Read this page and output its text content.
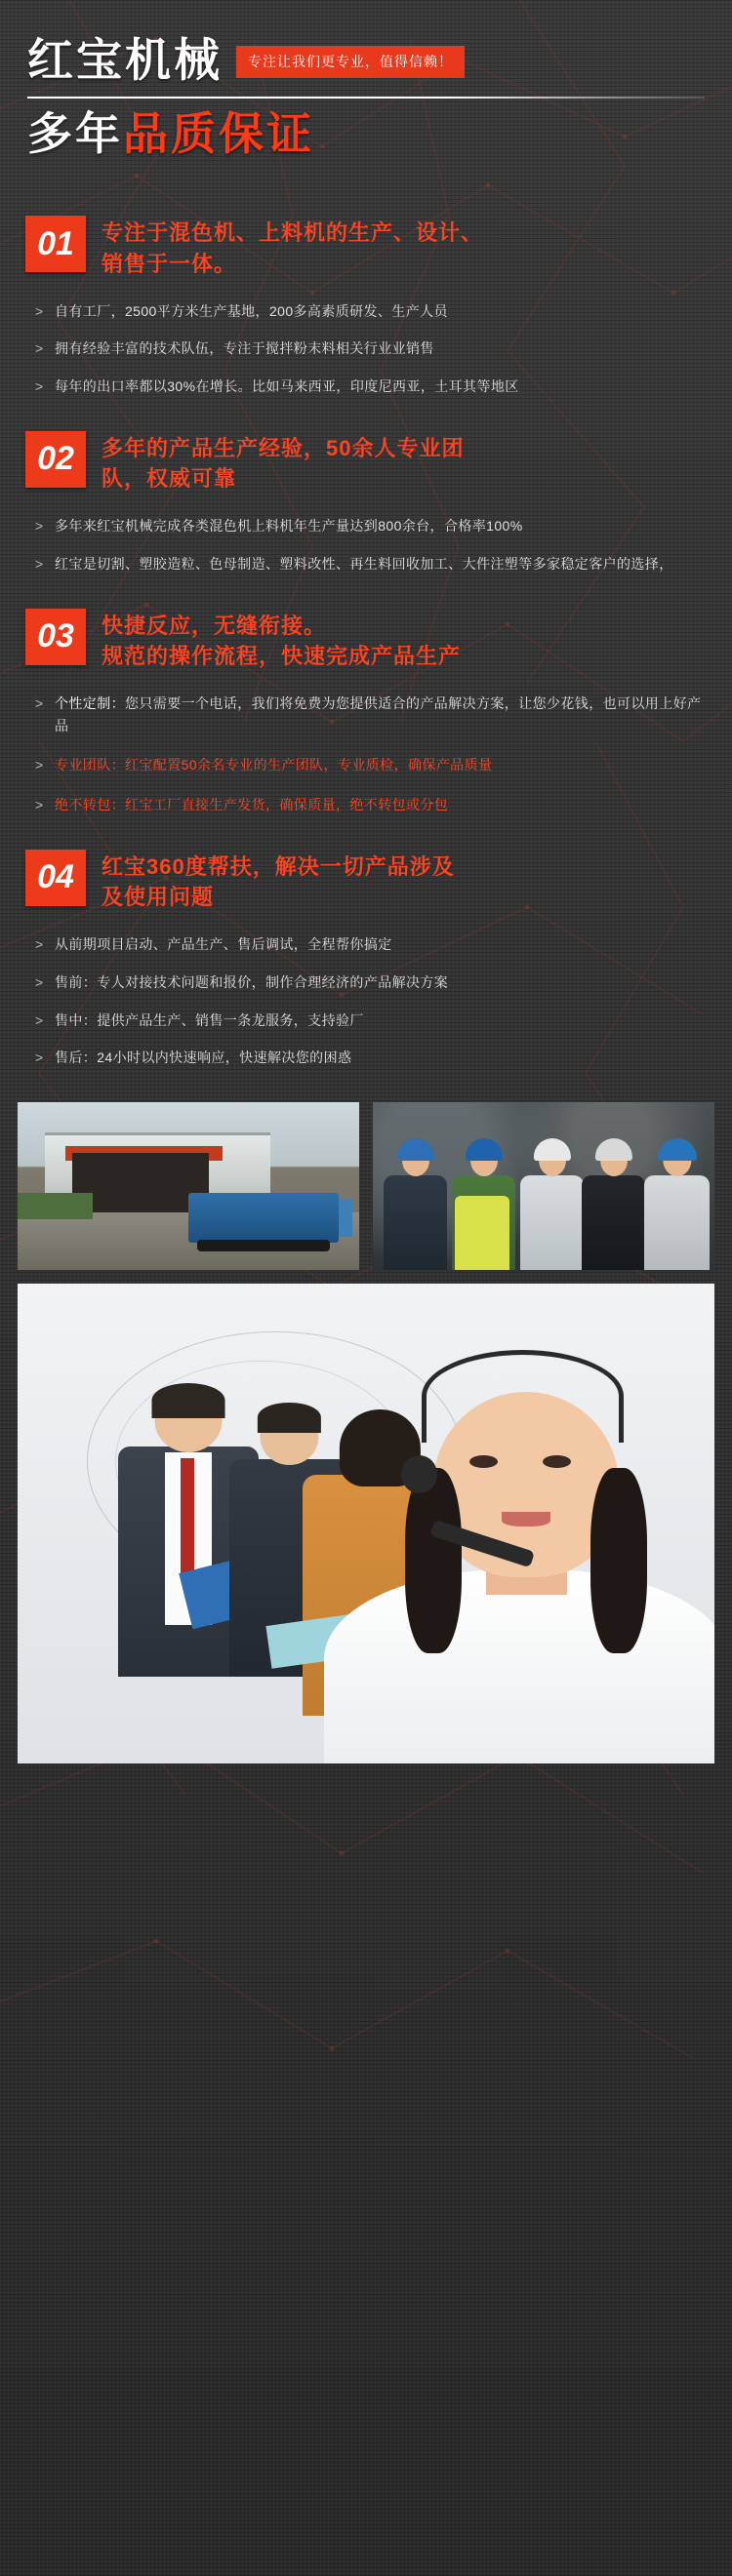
红宝机械	专注让我们更专业，值得信赖！
多年品质保证
01	专注于混色机、上料机的生产、设计、
销售于一体。
> 自有工厂，2500平方米生产基地，200多高素质研发、生产人员
> 拥有经验丰富的技术队伍，专注于搅拌粉末料相关行业业销售
> 每年的出口率都以30%在增长。比如马来西亚，印度尼西亚，土耳其等地区
02	多年的产品生产经验，50余人专业团
队，权威可靠
> 多年来红宝机械完成各类混色机上料机年生产量达到800余台，合格率100%
> 红宝是切割、塑胶造粒、色母制造、塑料改性、再生料回收加工、大件注塑等多家稳定客户的选择，
03	快捷反应，无缝衔接。
规范的操作流程，快速完成产品生产
> 个性定制：您只需要一个电话，我们将免费为您提供适合的产品解决方案，让您少花钱，也可以用上好产品
> 专业团队：红宝配置50余名专业的生产团队，专业质检，确保产品质量
> 绝不转包：红宝工厂直接生产发货，确保质量，绝不转包或分包
04	红宝360度帮扶，解决一切产品涉及
及使用问题
> 从前期项目启动、产品生产、售后调试，全程帮你搞定
> 售前：专人对接技术问题和报价，制作合理经济的产品解决方案
> 售中：提供产品生产、销售一条龙服务，支持验厂
> 售后：24小时以内快速响应，快速解决您的困惑
